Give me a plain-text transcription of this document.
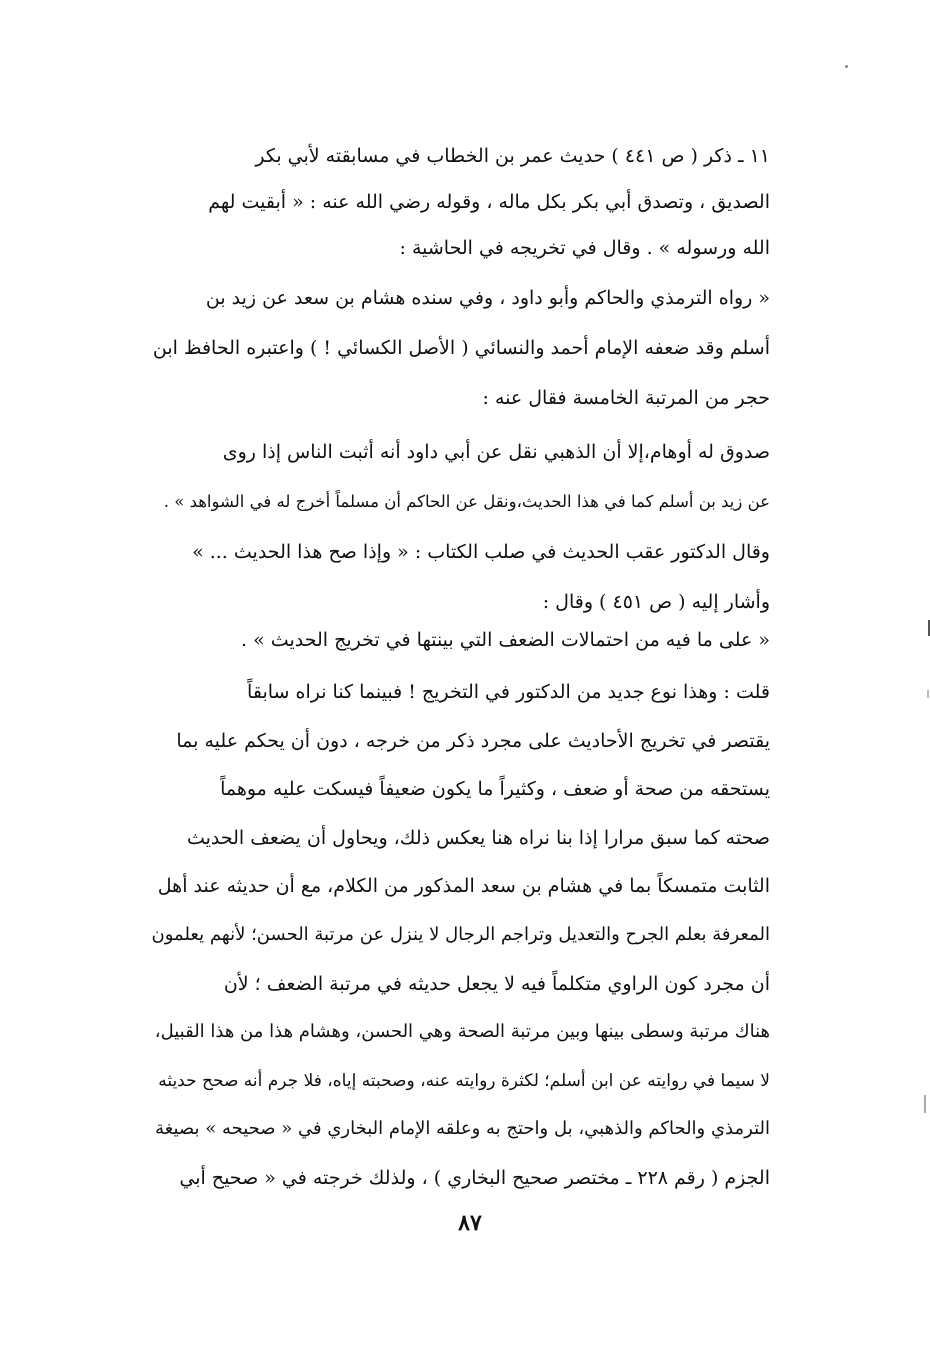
١١ ـ ذكر ( ص ٤٤١ ) حديث عمر بن الخطاب في مسابقته لأبي بكر
الصديق ، وتصدق أبي بكر بكل ماله ، وقوله رضي الله عنه : « أبقيت لهم
الله ورسوله » . وقال في تخريجه في الحاشية :
« رواه الترمذي والحاكم وأبو داود ، وفي سنده هشام بن سعد عن زيد بن
أسلم وقد ضعفه الإمام أحمد والنسائي ( الأصل الكسائي ! ) واعتبره الحافظ ابن
حجر من المرتبة الخامسة فقال عنه :
صدوق له أوهام،إلا أن الذهبي نقل عن أبي داود أنه أثبت الناس إذا روى
عن زيد بن أسلم كما في هذا الحديث،ونقل عن الحاكم أن مسلماً أخرج له في الشواهد » .
وقال الدكتور عقب الحديث في صلب الكتاب : « وإذا صح هذا الحديث ... »
وأشار إليه ( ص ٤٥١ ) وقال :
« على ما فيه من احتمالات الضعف التي بينتها في تخريج الحديث » .
قلت : وهذا نوع جديد من الدكتور في التخريج ! فبينما كنا نراه سابقاً
يقتصر في تخريج الأحاديث على مجرد ذكر من خرجه ، دون أن يحكم عليه بما
يستحقه من صحة أو ضعف ، وكثيراً ما يكون ضعيفاً فيسكت عليه موهماً
صحته كما سبق مرارا إذا بنا نراه هنا يعكس ذلك، ويحاول أن يضعف الحديث
الثابت متمسكاً بما في هشام بن سعد المذكور من الكلام، مع أن حديثه عند أهل
المعرفة بعلم الجرح والتعديل وتراجم الرجال لا ينزل عن مرتبة الحسن؛ لأنهم يعلمون
أن مجرد كون الراوي متكلماً فيه لا يجعل حديثه في مرتبة الضعف ؛ لأن
هناك مرتبة وسطى بينها وبين مرتبة الصحة وهي الحسن، وهشام هذا من هذا القبيل،
لا سيما في روايته عن ابن أسلم؛ لكثرة روايته عنه، وصحبته إياه، فلا جرم أنه صحح حديثه
الترمذي والحاكم والذهبي، بل واحتج به وعلقه الإمام البخاري في « صحيحه » بصيغة
الجزم ( رقم ٢٢٨ ـ مختصر صحيح البخاري ) ، ولذلك خرجته في « صحيح أبي
٨٧
